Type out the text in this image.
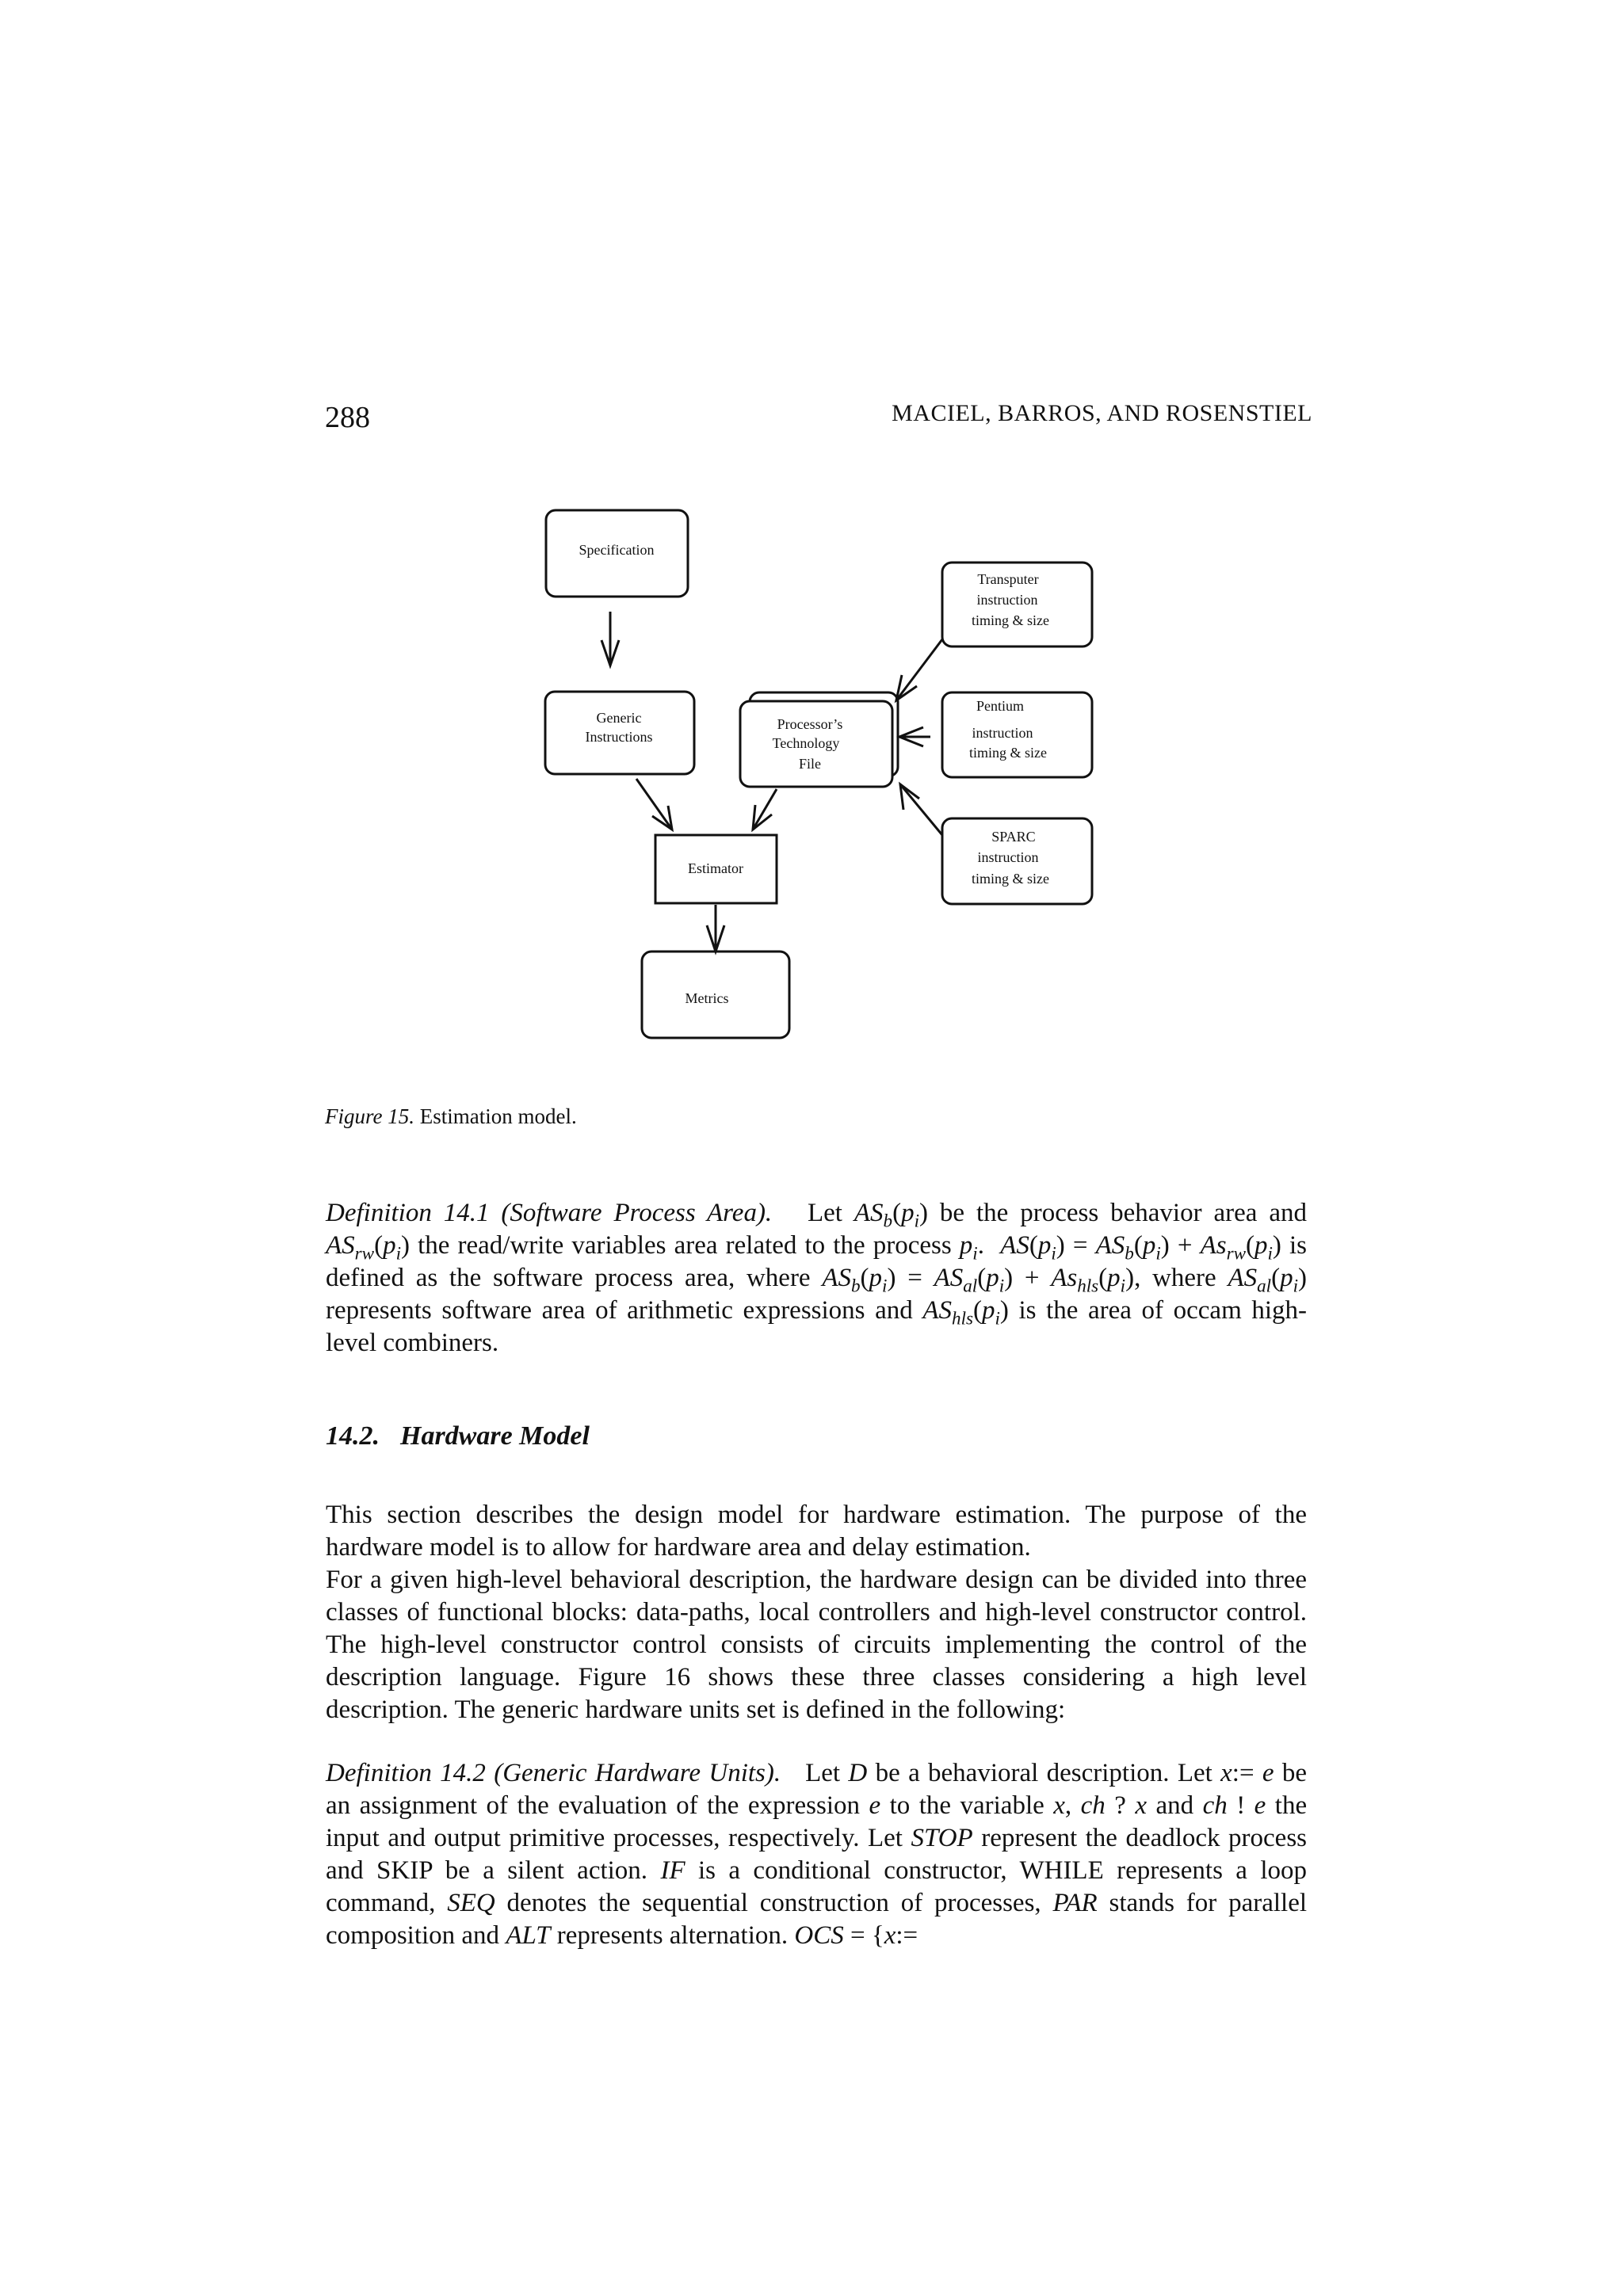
288	MACIEL, BARROS, AND ROSENSTIEL
Specification
Generic
Instructions
Processor’s
Technology
File
Transputer
instruction
timing & size
Pentium
instruction
timing & size
SPARC
instruction
timing & size
Estimator
Metrics
Figure 15. Estimation model.
Definition 14.1 (Software Process Area). Let $AS_b(p_i)$ be the process behavior area and $AS_{rw}(p_i)$ the read/write variables area related to the process $p_i$.  $AS(p_i) = AS_b(p_i) + As_{rw}(p_i)$ is defined as the software process area, where $AS_b(p_i) = AS_{al}(p_i) + As_{hls}(p_i)$, where $AS_{al}(p_i)$ represents software area of arithmetic expressions and $AS_{hls}(p_i)$ is the area of occam high-level combiners.
14.2. Hardware Model
This section describes the design model for hardware estimation. The purpose of the hardware model is to allow for hardware area and delay estimation.
For a given high-level behavioral description, the hardware design can be divided into three classes of functional blocks: data-paths, local controllers and high-level constructor control. The high-level constructor control consists of circuits implementing the control of the description language. Figure 16 shows these three classes considering a high level description. The generic hardware units set is defined in the following:
Definition 14.2 (Generic Hardware Units). Let D be a behavioral description. Let x:= e be an assignment of the evaluation of the expression e to the variable x, ch ? x and ch ! e the input and output primitive processes, respectively. Let STOP represent the deadlock process and SKIP be a silent action. IF is a conditional constructor, WHILE represents a loop command, SEQ denotes the sequential construction of processes, PAR stands for parallel composition and ALT represents alternation. OCS = {x:=
